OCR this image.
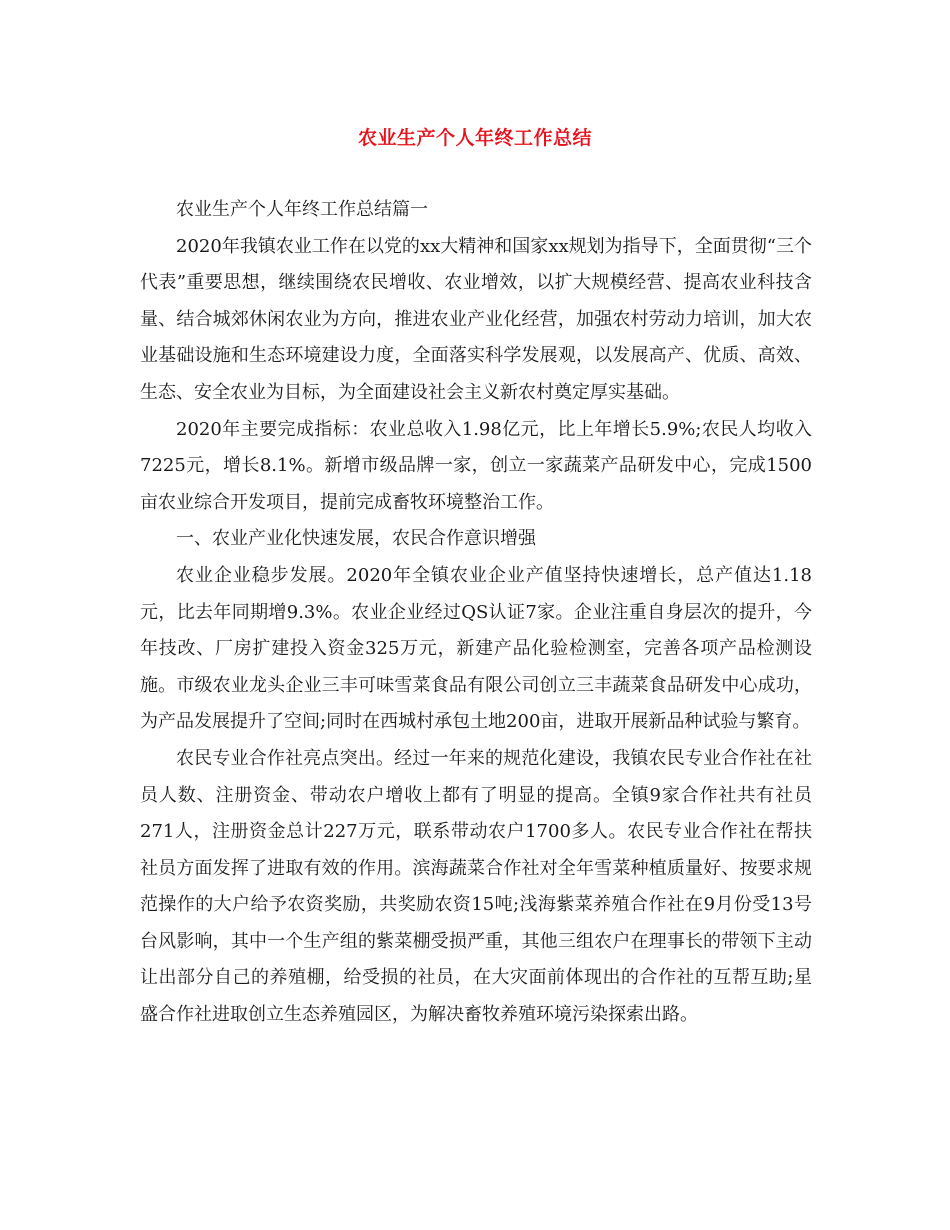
农业生产个人年终工作总结

农业生产个人年终工作总结篇一

2020年我镇农业工作在以党的xx大精神和国家xx规划为指导下，全面贯彻“三个代表”重要思想，继续围绕农民增收、农业增效，以扩大规模经营、提高农业科技含量、结合城郊休闲农业为方向，推进农业产业化经营，加强农村劳动力培训，加大农业基础设施和生态环境建设力度，全面落实科学发展观，以发展高产、优质、高效、生态、安全农业为目标，为全面建设社会主义新农村奠定厚实基础。

2020年主要完成指标：农业总收入1.98亿元，比上年增长5.9%;农民人均收入7225元，增长8.1%。新增市级品牌一家，创立一家蔬菜产品研发中心，完成1500亩农业综合开发项目，提前完成畜牧环境整治工作。

一、农业产业化快速发展，农民合作意识增强

农业企业稳步发展。2020年全镇农业企业产值坚持快速增长，总产值达1.18元，比去年同期增9.3%。农业企业经过QS认证7家。企业注重自身层次的提升，今年技改、厂房扩建投入资金325万元，新建产品化验检测室，完善各项产品检测设施。市级农业龙头企业三丰可味雪菜食品有限公司创立三丰蔬菜食品研发中心成功，为产品发展提升了空间;同时在西城村承包土地200亩，进取开展新品种试验与繁育。

农民专业合作社亮点突出。经过一年来的规范化建设，我镇农民专业合作社在社员人数、注册资金、带动农户增收上都有了明显的提高。全镇9家合作社共有社员271人，注册资金总计227万元，联系带动农户1700多人。农民专业合作社在帮扶社员方面发挥了进取有效的作用。滨海蔬菜合作社对全年雪菜种植质量好、按要求规范操作的大户给予农资奖励，共奖励农资15吨;浅海紫菜养殖合作社在9月份受13号台风影响，其中一个生产组的紫菜棚受损严重，其他三组农户在理事长的带领下主动让出部分自己的养殖棚，给受损的社员，在大灾面前体现出的合作社的互帮互助;星盛合作社进取创立生态养殖园区，为解决畜牧养殖环境污染探索出路。
